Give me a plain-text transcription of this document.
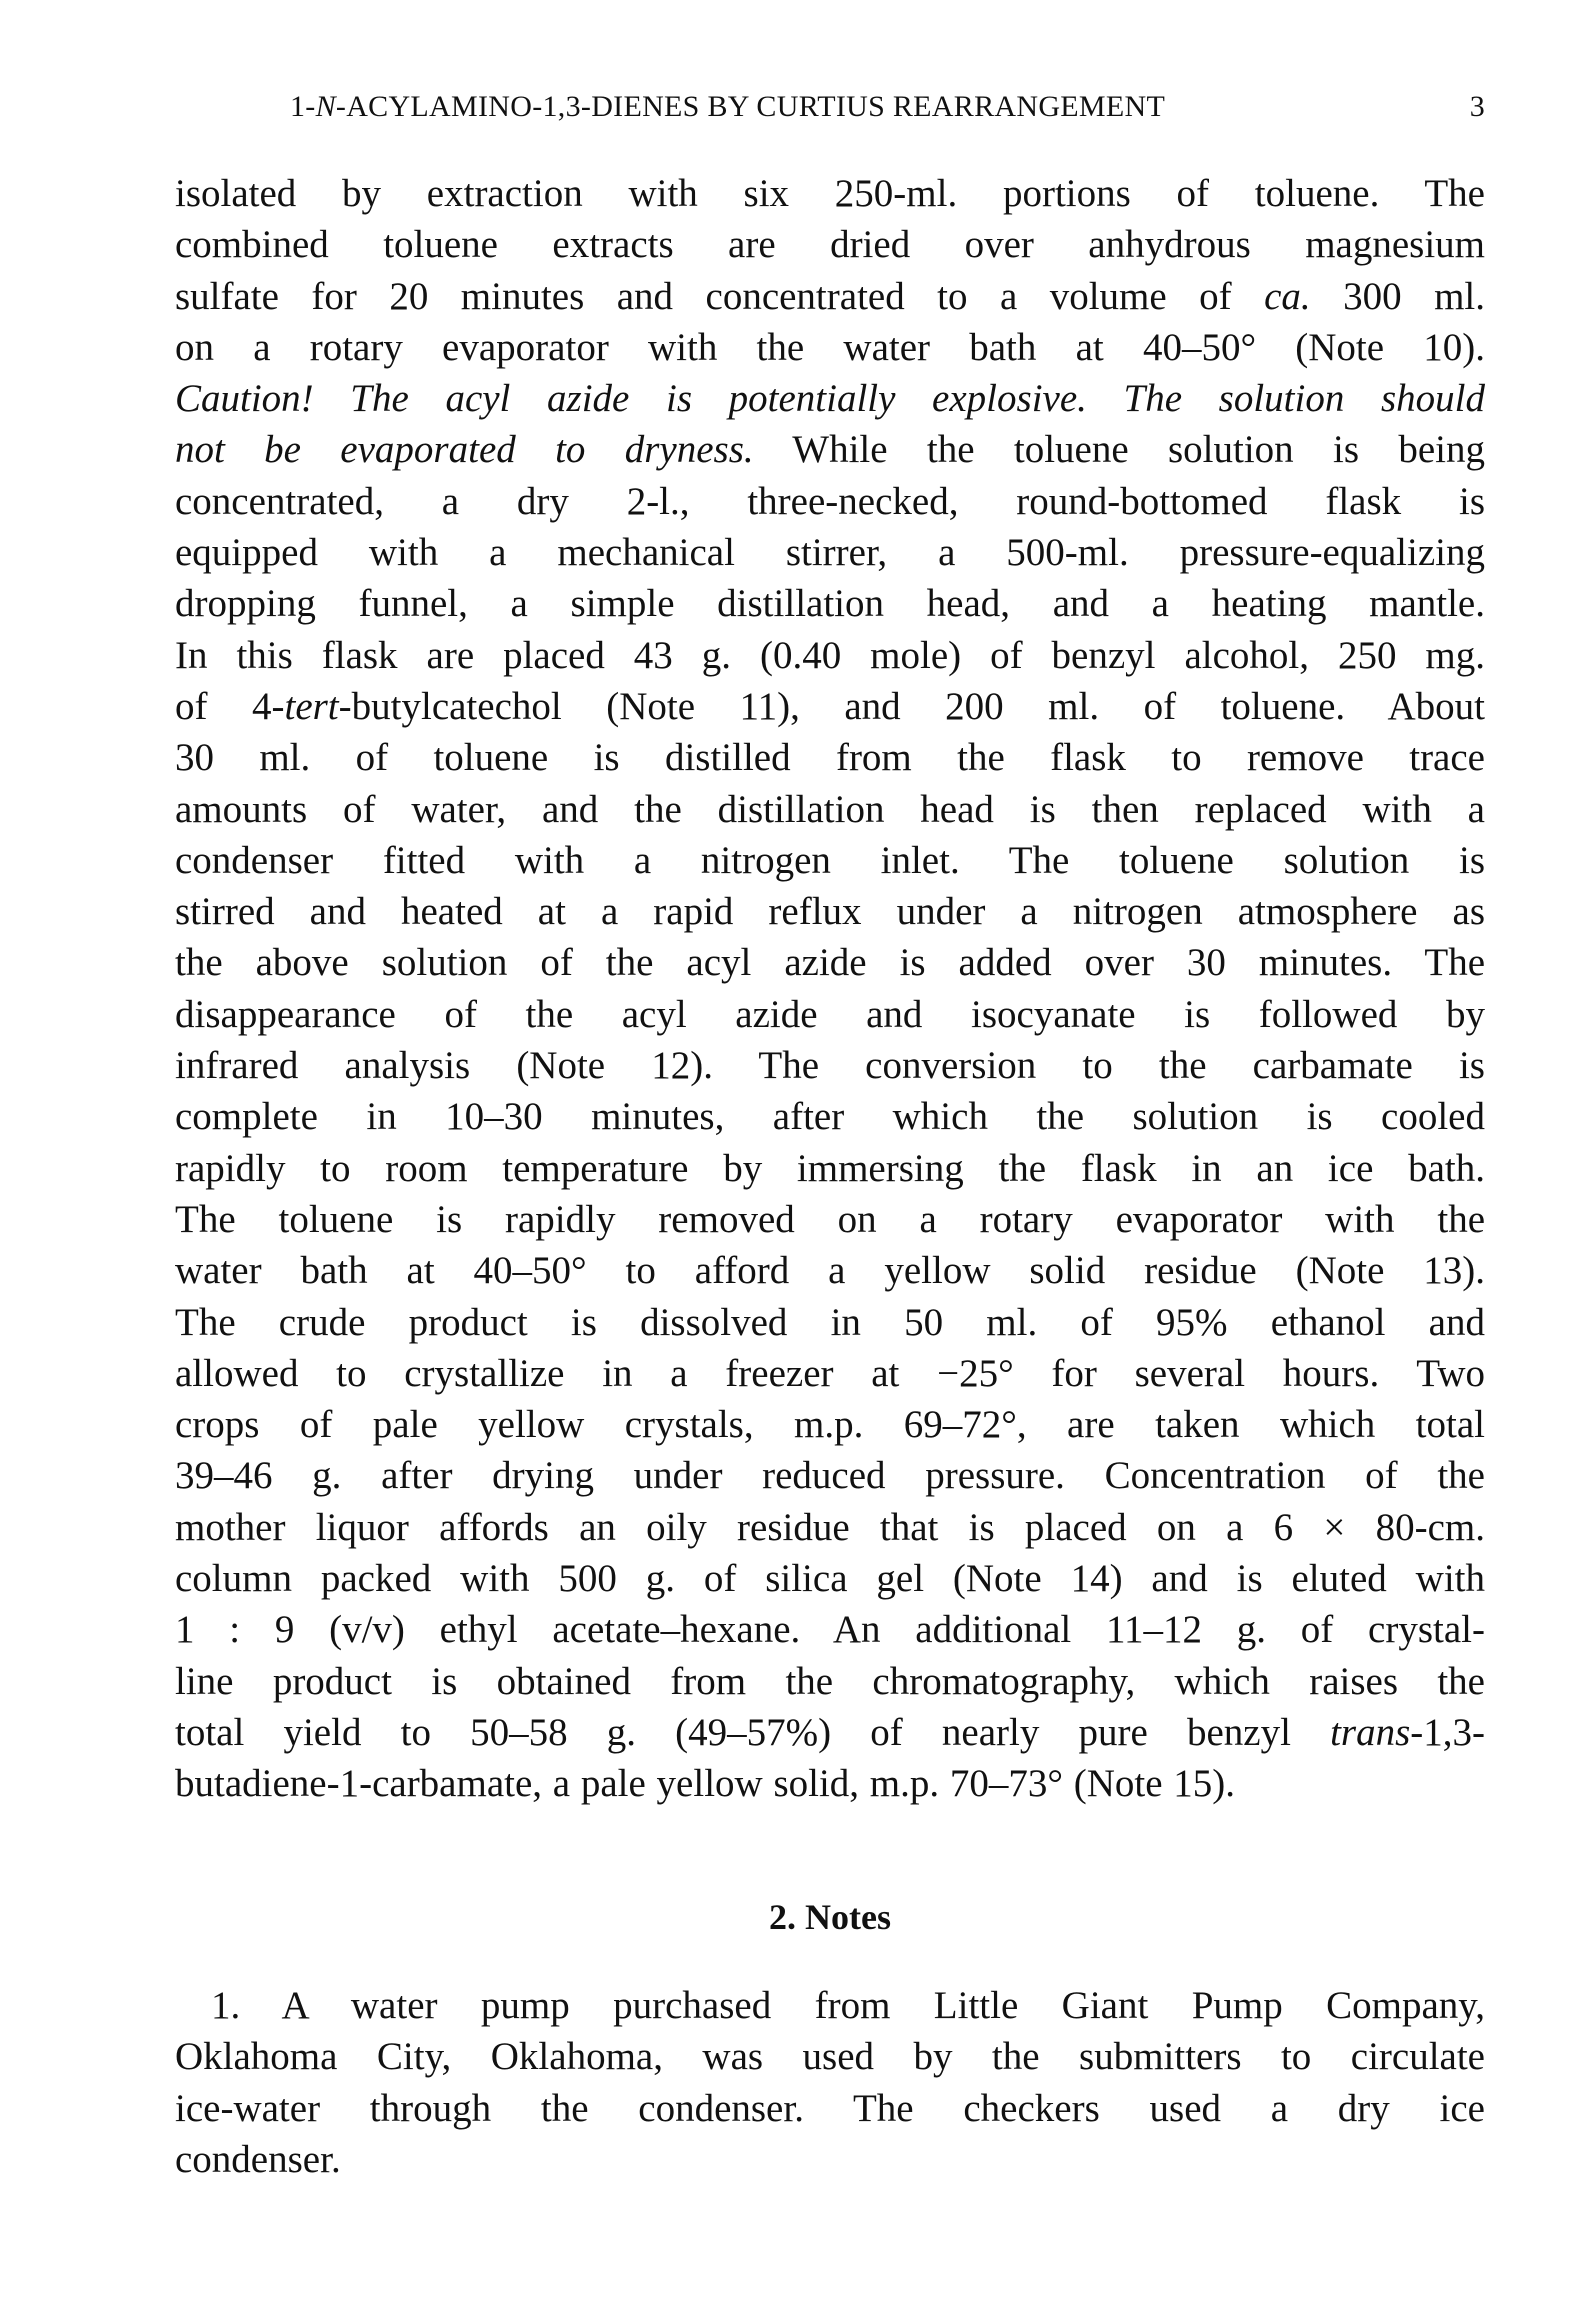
1-N-ACYLAMINO-1,3-DIENES BY CURTIUS REARRANGEMENT	3
isolated by extraction with six 250-ml. portions of toluene. The
combined toluene extracts are dried over anhydrous magnesium
sulfate for 20 minutes and concentrated to a volume of ca. 300 ml.
on a rotary evaporator with the water bath at 40–50° (Note 10).
Caution! The acyl azide is potentially explosive. The solution should
not be evaporated to dryness. While the toluene solution is being
concentrated, a dry 2-l., three-necked, round-bottomed flask is
equipped with a mechanical stirrer, a 500-ml. pressure-equalizing
dropping funnel, a simple distillation head, and a heating mantle.
In this flask are placed 43 g. (0.40 mole) of benzyl alcohol, 250 mg.
of 4-tert-butylcatechol (Note 11), and 200 ml. of toluene. About
30 ml. of toluene is distilled from the flask to remove trace
amounts of water, and the distillation head is then replaced with a
condenser fitted with a nitrogen inlet. The toluene solution is
stirred and heated at a rapid reflux under a nitrogen atmosphere as
the above solution of the acyl azide is added over 30 minutes. The
disappearance of the acyl azide and isocyanate is followed by
infrared analysis (Note 12). The conversion to the carbamate is
complete in 10–30 minutes, after which the solution is cooled
rapidly to room temperature by immersing the flask in an ice bath.
The toluene is rapidly removed on a rotary evaporator with the
water bath at 40–50° to afford a yellow solid residue (Note 13).
The crude product is dissolved in 50 ml. of 95% ethanol and
allowed to crystallize in a freezer at −25° for several hours. Two
crops of pale yellow crystals, m.p. 69–72°, are taken which total
39–46 g. after drying under reduced pressure. Concentration of the
mother liquor affords an oily residue that is placed on a 6 × 80-cm.
column packed with 500 g. of silica gel (Note 14) and is eluted with
1 : 9 (v/v) ethyl acetate–hexane. An additional 11–12 g. of crystal-
line product is obtained from the chromatography, which raises the
total yield to 50–58 g. (49–57%) of nearly pure benzyl trans-1,3-
butadiene-1-carbamate, a pale yellow solid, m.p. 70–73° (Note 15).
2. Notes
1. A water pump purchased from Little Giant Pump Company,
Oklahoma City, Oklahoma, was used by the submitters to circulate
ice-water through the condenser. The checkers used a dry ice
condenser.
